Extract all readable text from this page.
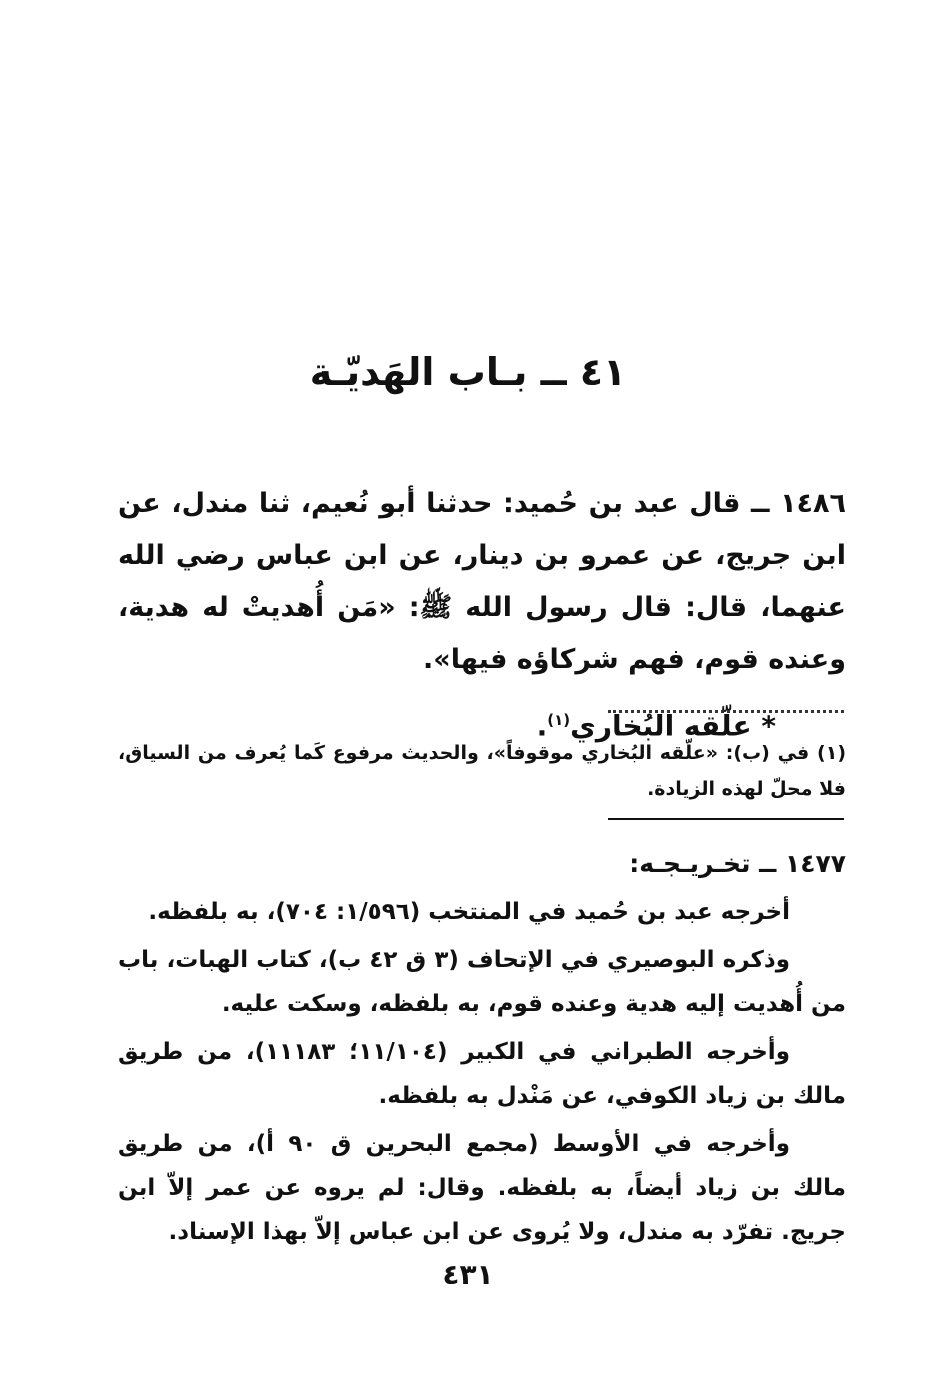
٤١ ــ بـاب الهَديّـة

١٤٨٦ ــ قال عبد بن حُميد: حدثنا أبو نُعيم، ثنا مندل، عن ابن جريج، عن عمرو بن دينار، عن ابن عباس رضي الله عنهما، قال: قال رسول الله ﷺ: «مَن أُهديتْ له هدية، وعنده قوم، فهم شركاؤه فيها».

* علّقه البُخاري$^{(١)}$.

(١) في (ب): «علّقه البُخاري موقوفاً»، والحديث مرفوع كَما يُعرف من السياق، فلا محلّ لهذه الزيادة.

١٤٧٧ ــ تخـريـجـه:

أخرجه عبد بن حُميد في المنتخب (١/٥٩٦: ٧٠٤)، به بلفظه.

وذكره البوصيري في الإتحاف (٣ ق ٤٢ ب)، كتاب الهبات، باب من أُهديت إليه هدية وعنده قوم، به بلفظه، وسكت عليه.

وأخرجه الطبراني في الكبير (١١/١٠٤؛ ١١١٨٣)، من طريق مالك بن زياد الكوفي، عن مَنْدل به بلفظه.

وأخرجه في الأوسط (مجمع البحرين ق ٩٠ أ)، من طريق مالك بن زياد أيضاً، به بلفظه. وقال: لم يروه عن عمر إلاّ ابن جريج. تفرّد به مندل، ولا يُروى عن ابن عباس إلاّ بهذا الإسناد.

٤٣١
